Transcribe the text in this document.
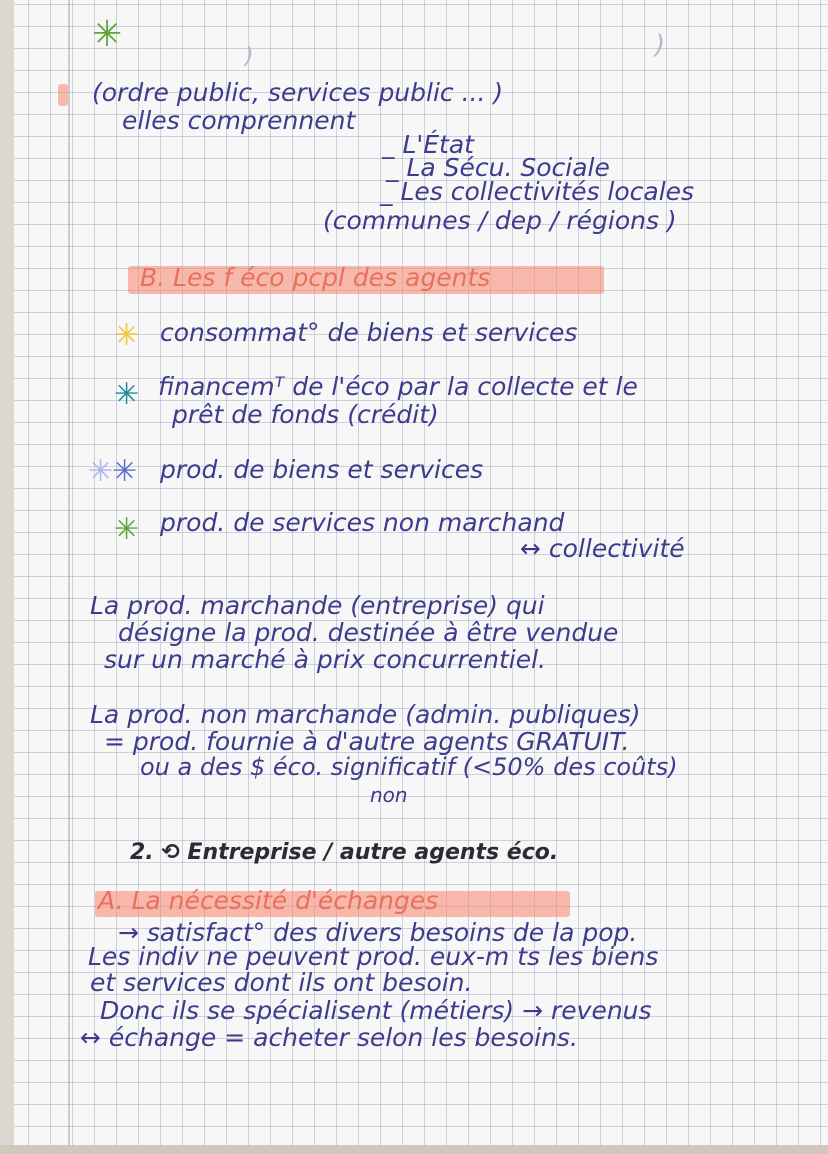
✳
)	)
(ordre public, services public ... )
elles comprennent
_ L'État
_ La Sécu. Sociale
_ Les collectivités locales
(communes / dep / régions )
B. Les f éco pcpl des agents
✳ consommat° de biens et services
✳ financemᵀ de l'éco par la collecte et le
prêt de fonds (crédit)
✳
✳ prod. de biens et services
✳ prod. de services non marchand
↔ collectivité
La prod. marchande (entreprise) qui
désigne la prod. destinée à être vendue
sur un marché à prix concurrentiel.
La prod. non marchande (admin. publiques)
= prod. fournie à d'autre agents GRATUIT.
ou a des $ éco. significatif (<50% des coûts)
non
2. ⟲ Entreprise / autre agents éco.
A. La nécessité d'échanges
→ satisfact° des divers besoins de la pop.
Les indiv ne peuvent prod. eux-m ts les biens
et services dont ils ont besoin.
Donc ils se spécialisent (métiers) → revenus
↔ échange = acheter selon les besoins.
